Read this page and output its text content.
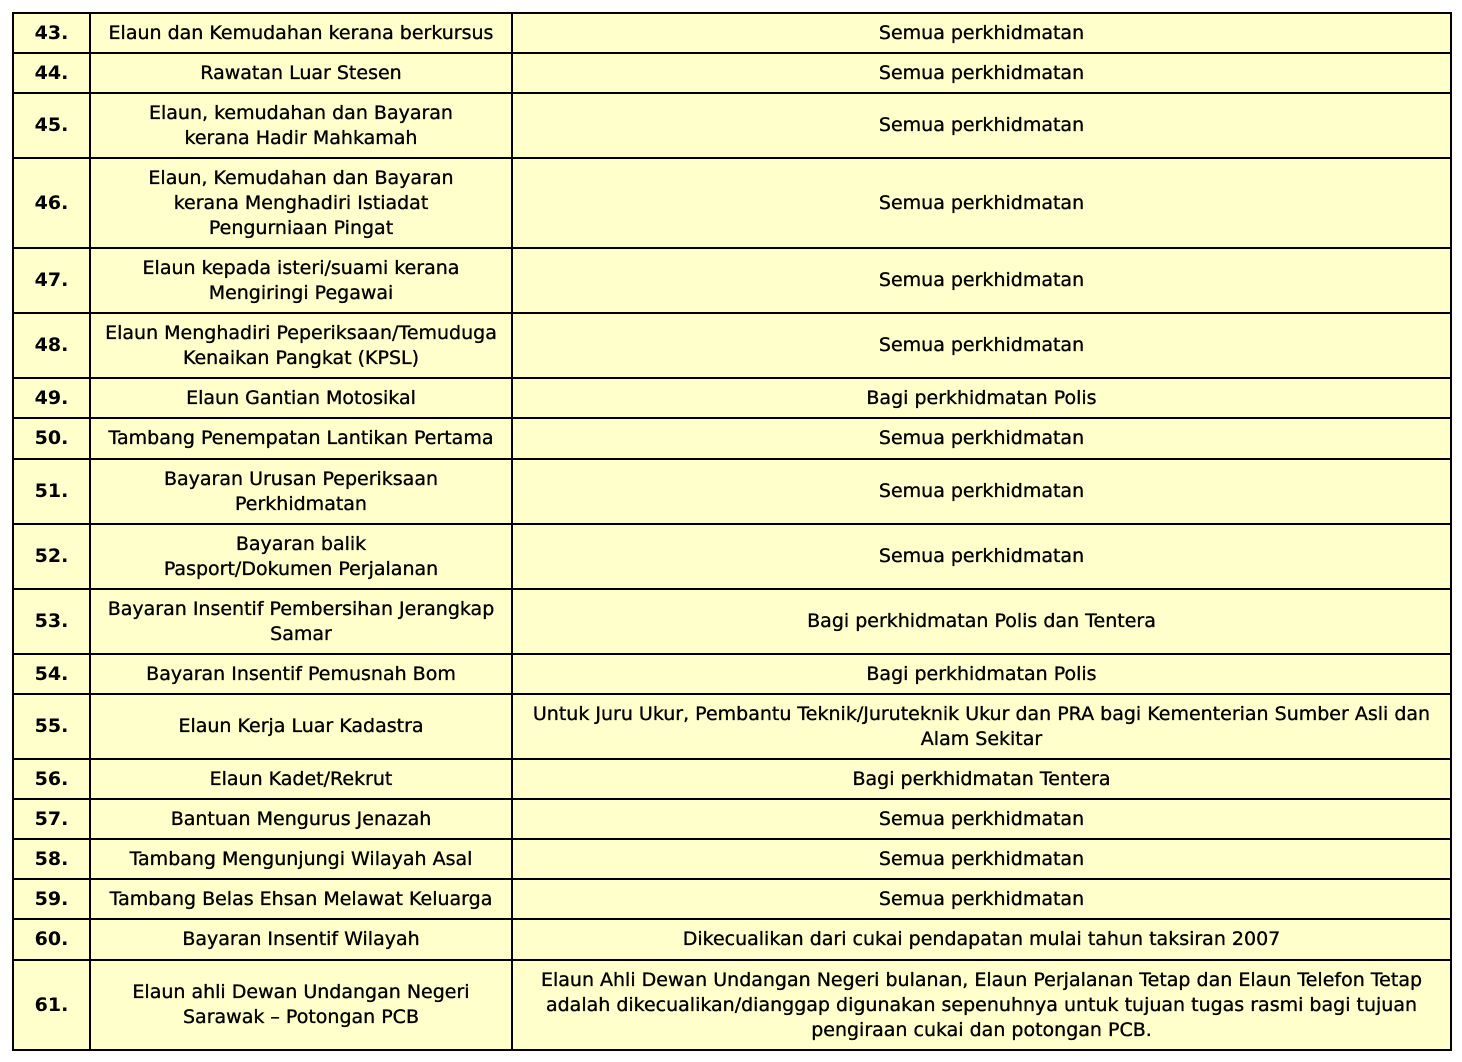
43.	Elaun dan Kemudahan kerana berkursus	Semua perkhidmatan
44.	Rawatan Luar Stesen	Semua perkhidmatan
45.	Elaun, kemudahan dan Bayaran kerana Hadir Mahkamah	Semua perkhidmatan
46.	Elaun, Kemudahan dan Bayaran kerana Menghadiri Istiadat Pengurniaan Pingat	Semua perkhidmatan
47.	Elaun kepada isteri/suami kerana Mengiringi Pegawai	Semua perkhidmatan
48.	Elaun Menghadiri Peperiksaan/Temuduga Kenaikan Pangkat (KPSL)	Semua perkhidmatan
49.	Elaun Gantian Motosikal	Bagi perkhidmatan Polis
50.	Tambang Penempatan Lantikan Pertama	Semua perkhidmatan
51.	Bayaran Urusan Peperiksaan Perkhidmatan	Semua perkhidmatan
52.	Bayaran balik Pasport/Dokumen Perjalanan	Semua perkhidmatan
53.	Bayaran Insentif Pembersihan Jerangkap Samar	Bagi perkhidmatan Polis dan Tentera
54.	Bayaran Insentif Pemusnah Bom	Bagi perkhidmatan Polis
55.	Elaun Kerja Luar Kadastra	Untuk Juru Ukur, Pembantu Teknik/Juruteknik Ukur dan PRA bagi Kementerian Sumber Asli dan Alam Sekitar
56.	Elaun Kadet/Rekrut	Bagi perkhidmatan Tentera
57.	Bantuan Mengurus Jenazah	Semua perkhidmatan
58.	Tambang Mengunjungi Wilayah Asal	Semua perkhidmatan
59.	Tambang Belas Ehsan Melawat Keluarga	Semua perkhidmatan
60.	Bayaran Insentif Wilayah	Dikecualikan dari cukai pendapatan mulai tahun taksiran 2007
61.	Elaun ahli Dewan Undangan Negeri Sarawak – Potongan PCB	Elaun Ahli Dewan Undangan Negeri bulanan, Elaun Perjalanan Tetap dan Elaun Telefon Tetap adalah dikecualikan/dianggap digunakan sepenuhnya untuk tujuan tugas rasmi bagi tujuan pengiraan cukai dan potongan PCB.
